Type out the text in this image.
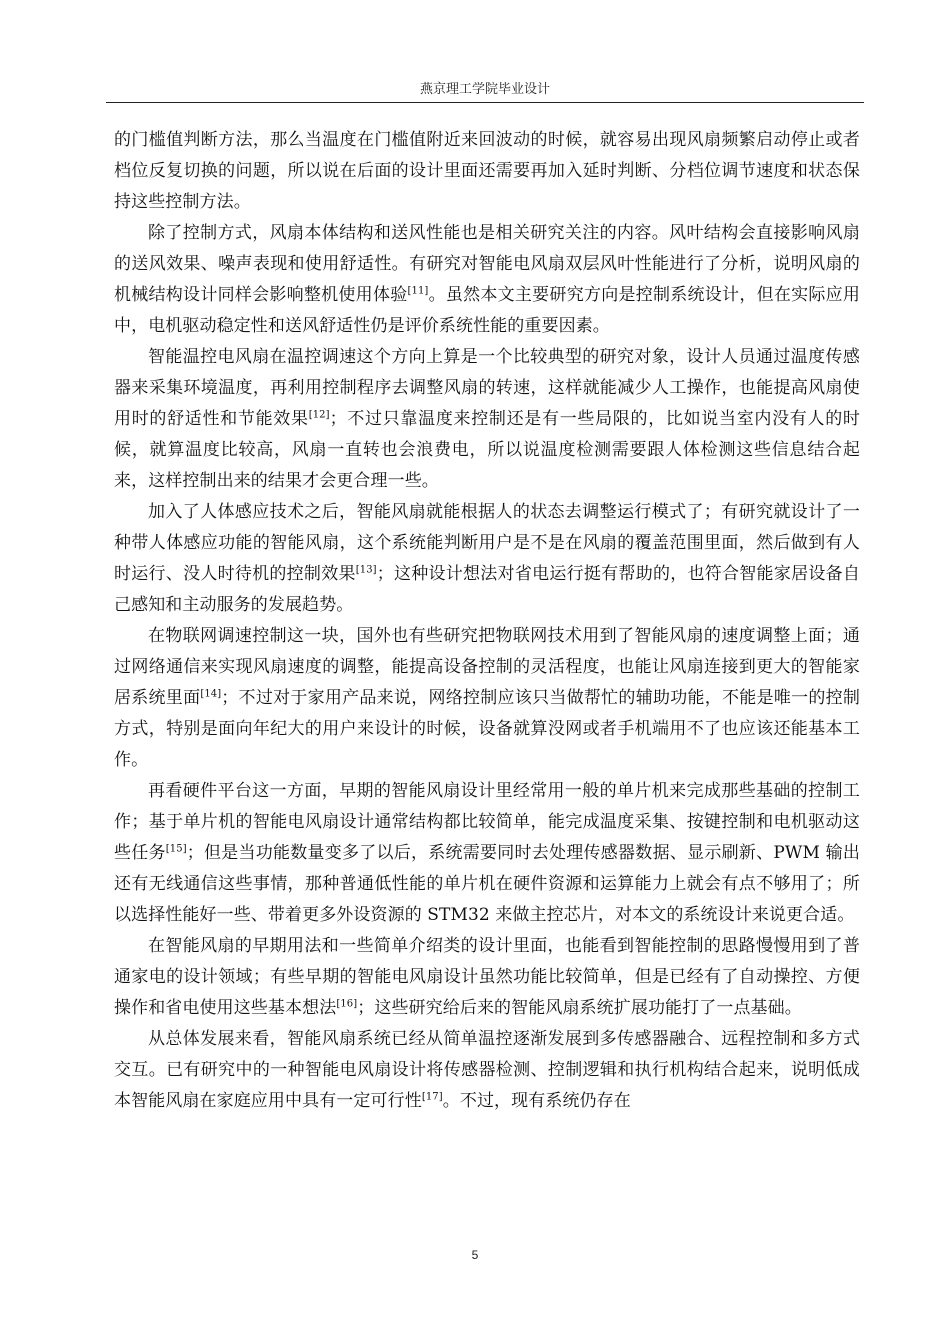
燕京理工学院毕业设计

的门槛值判断方法，那么当温度在门槛值附近来回波动的时候，就容易出现风扇频繁启动停止或者档位反复切换的问题，所以说在后面的设计里面还需要再加入延时判断、分档位调节速度和状态保持这些控制方法。

除了控制方式，风扇本体结构和送风性能也是相关研究关注的内容。风叶结构会直接影响风扇的送风效果、噪声表现和使用舒适性。有研究对智能电风扇双层风叶性能进行了分析，说明风扇的机械结构设计同样会影响整机使用体验[11]。虽然本文主要研究方向是控制系统设计，但在实际应用中，电机驱动稳定性和送风舒适性仍是评价系统性能的重要因素。

智能温控电风扇在温控调速这个方向上算是一个比较典型的研究对象，设计人员通过温度传感器来采集环境温度，再利用控制程序去调整风扇的转速，这样就能减少人工操作，也能提高风扇使用时的舒适性和节能效果[12]；不过只靠温度来控制还是有一些局限的，比如说当室内没有人的时候，就算温度比较高，风扇一直转也会浪费电，所以说温度检测需要跟人体检测这些信息结合起来，这样控制出来的结果才会更合理一些。

加入了人体感应技术之后，智能风扇就能根据人的状态去调整运行模式了；有研究就设计了一种带人体感应功能的智能风扇，这个系统能判断用户是不是在风扇的覆盖范围里面，然后做到有人时运行、没人时待机的控制效果[13]；这种设计想法对省电运行挺有帮助的，也符合智能家居设备自己感知和主动服务的发展趋势。

在物联网调速控制这一块，国外也有些研究把物联网技术用到了智能风扇的速度调整上面；通过网络通信来实现风扇速度的调整，能提高设备控制的灵活程度，也能让风扇连接到更大的智能家居系统里面[14]；不过对于家用产品来说，网络控制应该只当做帮忙的辅助功能，不能是唯一的控制方式，特别是面向年纪大的用户来设计的时候，设备就算没网或者手机端用不了也应该还能基本工作。

再看硬件平台这一方面，早期的智能风扇设计里经常用一般的单片机来完成那些基础的控制工作；基于单片机的智能电风扇设计通常结构都比较简单，能完成温度采集、按键控制和电机驱动这些任务[15]；但是当功能数量变多了以后，系统需要同时去处理传感器数据、显示刷新、PWM 输出还有无线通信这些事情，那种普通低性能的单片机在硬件资源和运算能力上就会有点不够用了；所以选择性能好一些、带着更多外设资源的 STM32 来做主控芯片，对本文的系统设计来说更合适。

在智能风扇的早期用法和一些简单介绍类的设计里面，也能看到智能控制的思路慢慢用到了普通家电的设计领域；有些早期的智能电风扇设计虽然功能比较简单，但是已经有了自动操控、方便操作和省电使用这些基本想法[16]；这些研究给后来的智能风扇系统扩展功能打了一点基础。

从总体发展来看，智能风扇系统已经从简单温控逐渐发展到多传感器融合、远程控制和多方式交互。已有研究中的一种智能电风扇设计将传感器检测、控制逻辑和执行机构结合起来，说明低成本智能风扇在家庭应用中具有一定可行性[17]。不过，现有系统仍存在

5
